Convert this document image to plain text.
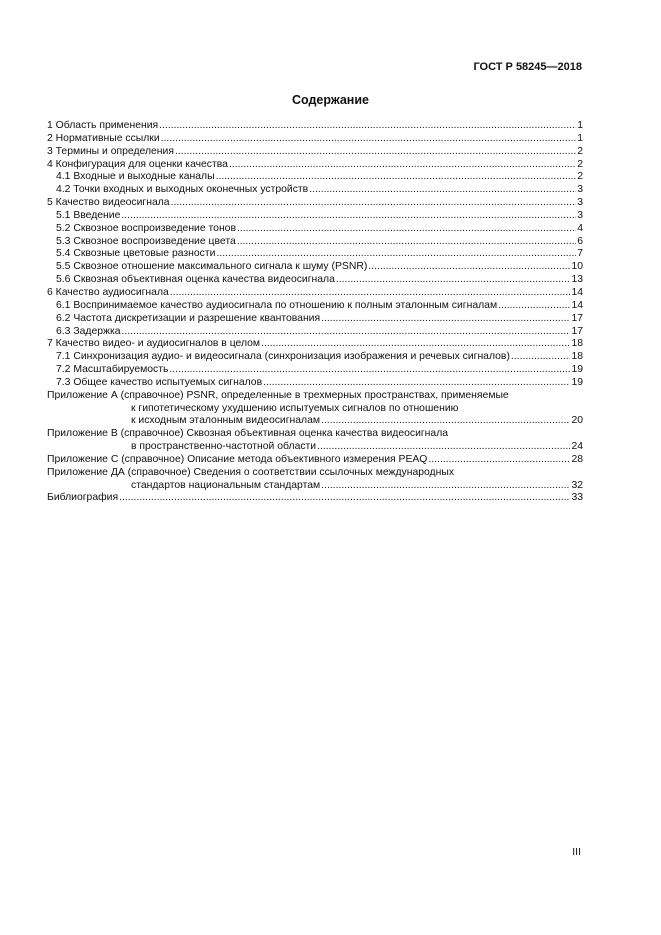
ГОСТ Р 58245—2018
Содержание
1 Область применения .....	1
2 Нормативные ссылки .....	1
3 Термины и определения .....	2
4 Конфигурация для оценки качества .....	2
4.1 Входные и выходные каналы .....	2
4.2 Точки входных и выходных оконечных устройств .....	3
5 Качество видеосигнала .....	3
5.1 Введение .....	3
5.2 Сквозное воспроизведение тонов .....	4
5.3 Сквозное воспроизведение цвета .....	6
5.4 Сквозные цветовые разности .....	7
5.5 Сквозное отношение максимального сигнала к шуму (PSNR) .....	10
5.6 Сквозная объективная оценка качества видеосигнала .....	13
6 Качество аудиосигнала .....	14
6.1 Воспринимаемое качество аудиосигнала по отношению к полным эталонным сигналам .....	14
6.2 Частота дискретизации и разрешение квантования .....	17
6.3 Задержка .....	17
7 Качество видео- и аудиосигналов в целом .....	18
7.1 Синхронизация аудио- и видеосигнала (синхронизация изображения и речевых сигналов) .....	18
7.2 Масштабируемость .....	19
7.3 Общее качество испытуемых сигналов .....	19
Приложение А (справочное) PSNR, определенные в трехмерных пространствах, применяемые
к гипотетическому ухудшению испытуемых сигналов по отношению
к исходным эталонным видеосигналам .....	20
Приложение В (справочное) Сквозная объективная оценка качества видеосигнала
в пространственно-частотной области .....	24
Приложение С (справочное) Описание метода объективного измерения PEAQ .....	28
Приложение ДА (справочное) Сведения о соответствии ссылочных международных
стандартов национальным стандартам .....	32
Библиография .....	33
III
